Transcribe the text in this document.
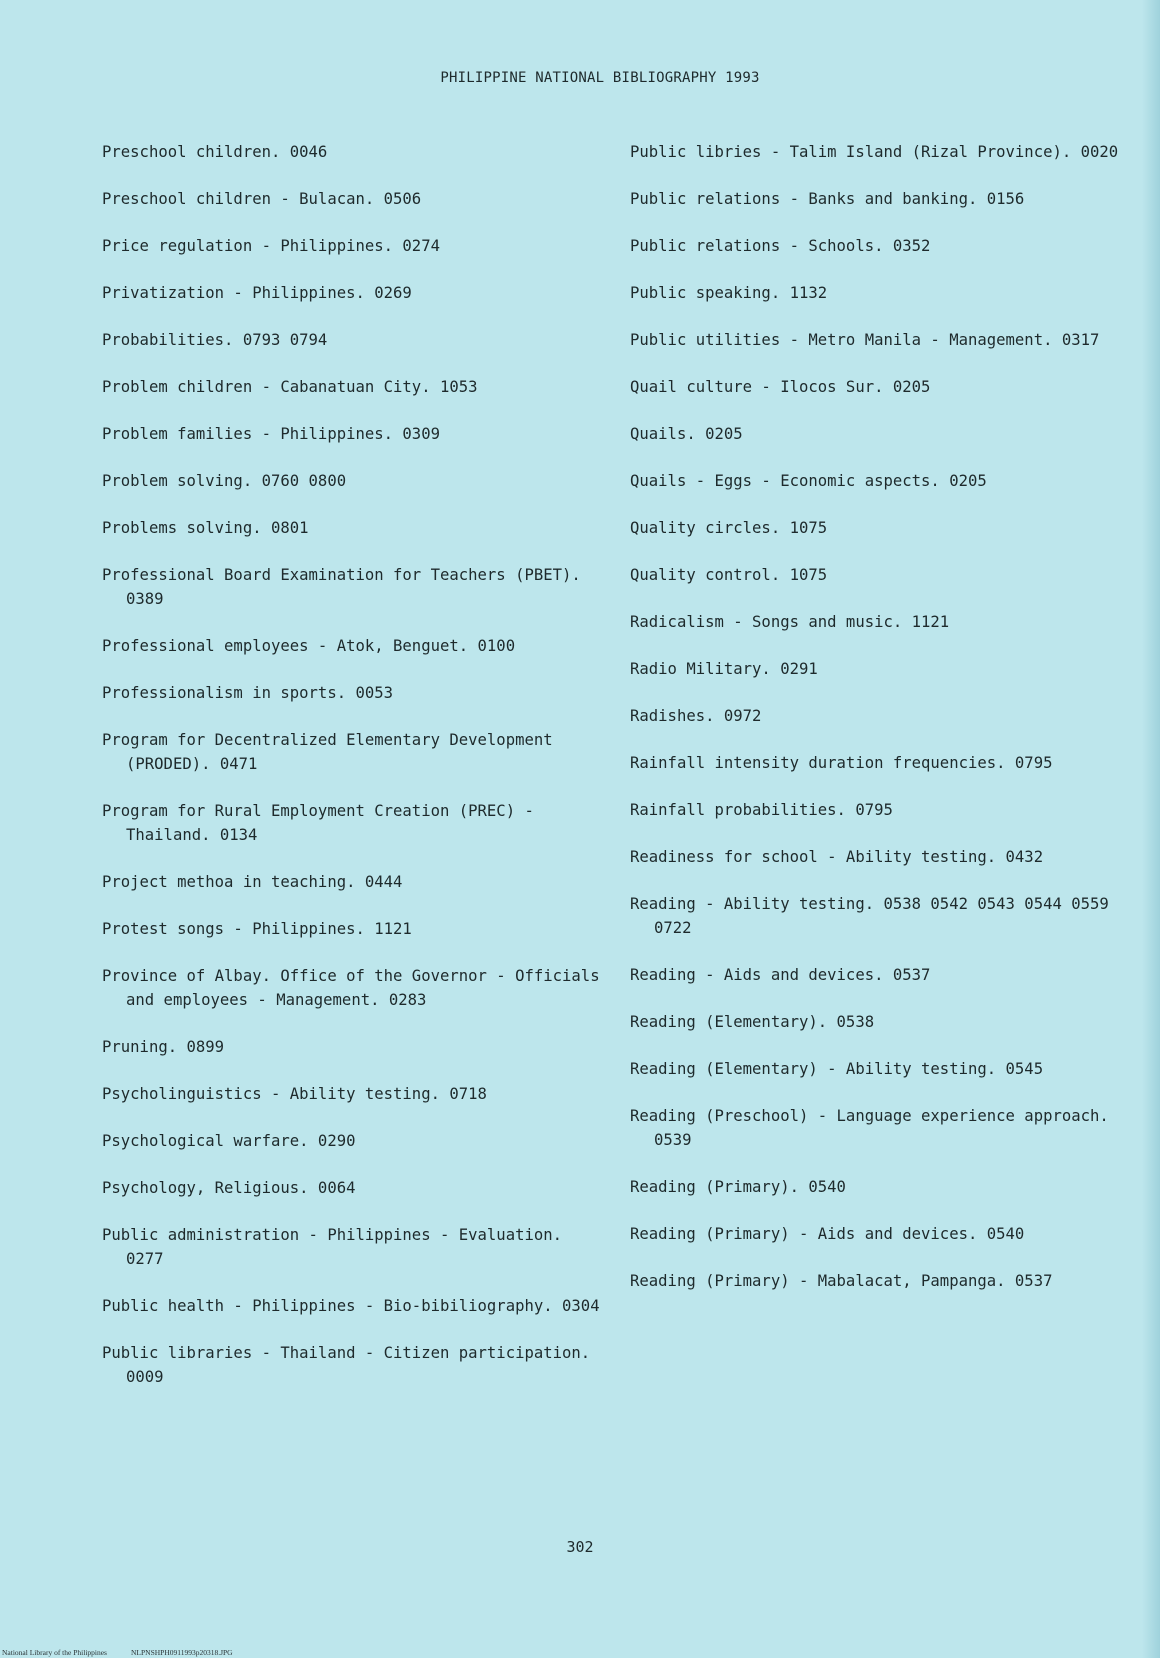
PHILIPPINE NATIONAL BIBLIOGRAPHY 1993
Preschool children. 0046
Preschool children - Bulacan. 0506
Price regulation - Philippines. 0274
Privatization - Philippines. 0269
Probabilities. 0793 0794
Problem children - Cabanatuan City. 1053
Problem families - Philippines. 0309
Problem solving. 0760 0800
Problems solving. 0801
Professional Board Examination for Teachers (PBET). 0389
Professional employees - Atok, Benguet. 0100
Professionalism in sports. 0053
Program for Decentralized Elementary Development (PRODED). 0471
Program for Rural Employment Creation (PREC) - Thailand. 0134
Project methoa in teaching. 0444
Protest songs - Philippines. 1121
Province of Albay. Office of the Governor - Officials and employees - Management. 0283
Pruning. 0899
Psycholinguistics - Ability testing. 0718
Psychological warfare. 0290
Psychology, Religious. 0064
Public administration - Philippines - Evaluation. 0277
Public health - Philippines - Bio-bibiliography. 0304
Public libraries - Thailand - Citizen participation. 0009
Public libries - Talim Island (Rizal Province). 0020
Public relations - Banks and banking. 0156
Public relations - Schools. 0352
Public speaking. 1132
Public utilities - Metro Manila - Management. 0317
Quail culture - Ilocos Sur. 0205
Quails. 0205
Quails - Eggs - Economic aspects. 0205
Quality circles. 1075
Quality control. 1075
Radicalism - Songs and music. 1121
Radio Military. 0291
Radishes. 0972
Rainfall intensity duration frequencies. 0795
Rainfall probabilities. 0795
Readiness for school - Ability testing. 0432
Reading - Ability testing. 0538 0542 0543 0544 0559 0722
Reading - Aids and devices. 0537
Reading (Elementary). 0538
Reading (Elementary) - Ability testing. 0545
Reading (Preschool) - Language experience approach. 0539
Reading (Primary). 0540
Reading (Primary) - Aids and devices. 0540
Reading (Primary) - Mabalacat, Pampanga. 0537
302
National Library of the Philippines	NLPNSHPH0911993p20318.JPG
